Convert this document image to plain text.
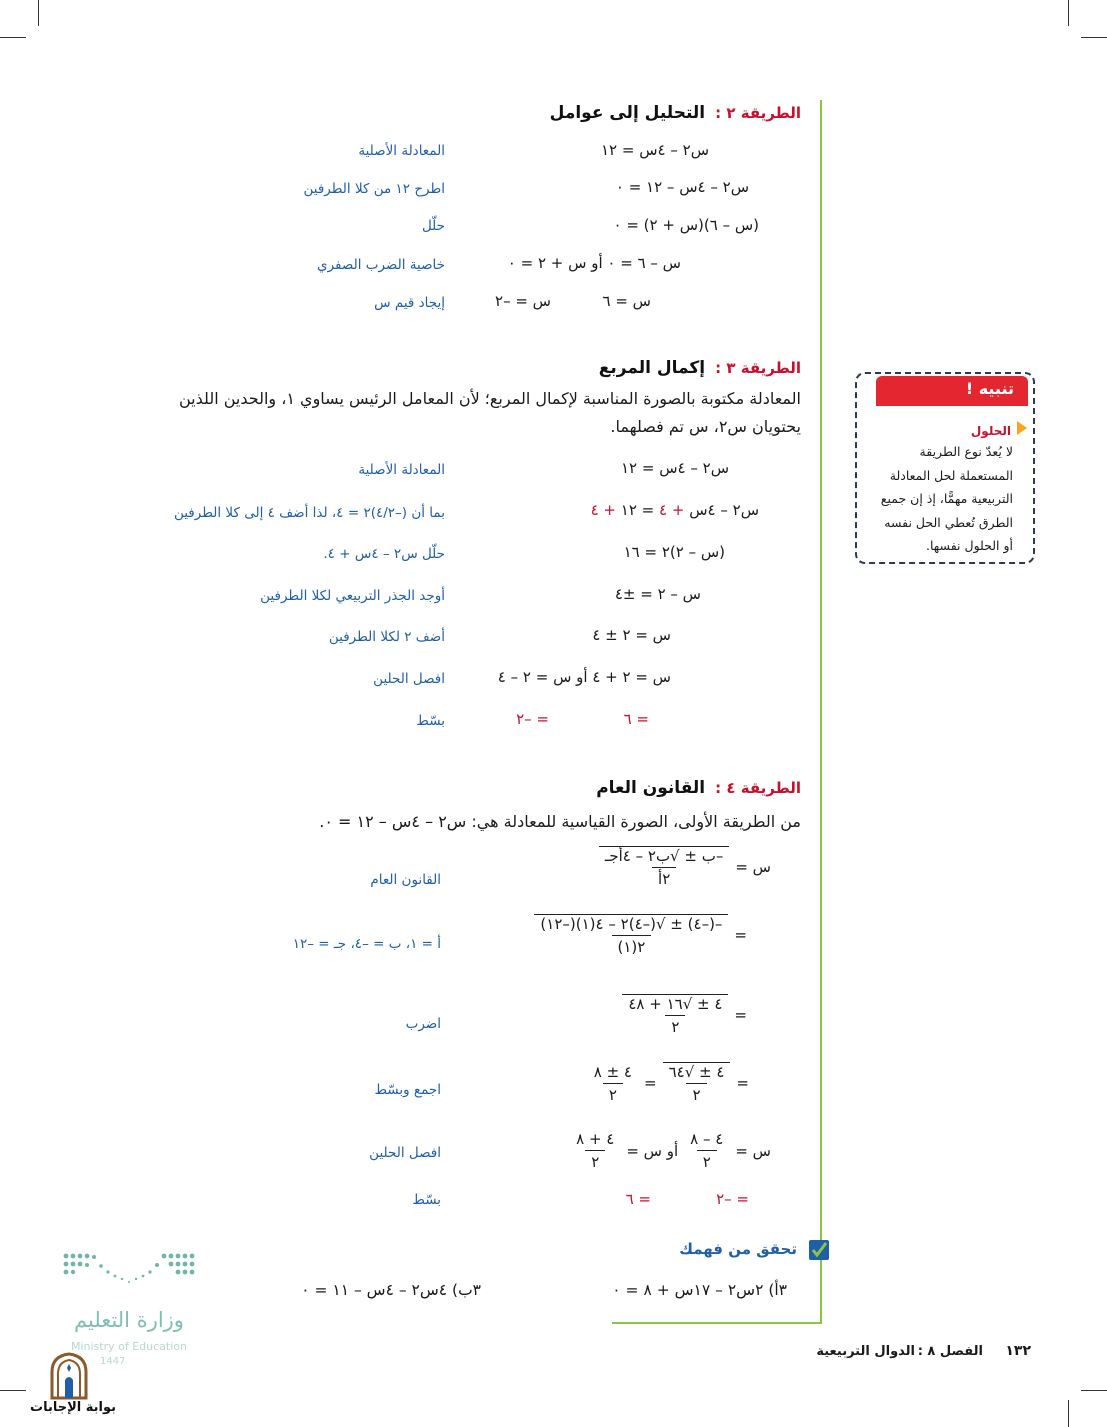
الطريقة ٢ :التحليل إلى عوامل
س٢ – ٤س = ١٢
المعادلة الأصلية
س٢ – ٤س – ١٢ = ٠
اطرح ١٢ من كلا الطرفين
(س – ٦)(س + ٢) = ٠
حلّل
س – ٦ = ٠ أو س + ٢ = ٠
خاصية الضرب الصفري
س = ٦
س = –٢
إيجاد قيم س
الطريقة ٣ :إكمال المربع
المعادلة مكتوبة بالصورة المناسبة لإكمال المربع؛ لأن المعامل الرئيس يساوي ١، والحدين اللذين يحتويان س٢، س تم فصلهما.
س٢ – ٤س = ١٢
المعادلة الأصلية
س٢ – ٤س + ٤ = ١٢ + ٤
بما أن (–٤/٢)٢ = ٤، لذا أضف ٤ إلى كلا الطرفين
(س – ٢)٢ = ١٦
حلّل س٢ – ٤س + ٤.
س – ٢ = ±٤
أوجد الجذر التربيعي لكلا الطرفين
س = ٢ ± ٤
أضف ٢ لكلا الطرفين
س = ٢ + ٤ أو س = ٢ – ٤
افصل الحلين
= ٦
= –٢
بسّط
الطريقة ٤ :القانون العام
من الطريقة الأولى، الصورة القياسية للمعادلة هي: س٢ – ٤س – ١٢ = ٠.
س =
$\frac{\text{–ب ± √ب٢ – ٤أجـ}}{\text{٢أ}}$
القانون العام
=
$\frac{-(-٤) \pm √(-٤)٢ - ٤(١)(-١٢)}{٢(١)}$
أ = ١، ب = –٤، جـ = –١٢
=
$\frac{٤ \pm √١٦ + ٤٨}{٢}$
اضرب
=
$\frac{٤ \pm √٦٤}{٢}$
=
$\frac{٤ \pm ٨}{٢}$
اجمع وبسّط
س =
$\frac{٤ - ٨}{٢}$
أو س =
$\frac{٤ + ٨}{٢}$
افصل الحلين
= –٢
= ٦
بسّط
تحقق من فهمك
٣أ) ٢س٢ – ١٧س + ٨ = ٠
٣ب) ٤س٢ – ٤س – ١١ = ٠
الحلول
لا يُعدّ نوع الطريقة المستعملة لحل المعادلة التربيعية مهمًّا، إذ إن جميع الطرق تُعطي الحل نفسه أو الحلول نفسها.
تنبيه !
١٣٢
الفصل ٨ :
الدوال التربيعية
وزارة التعليم
Ministry of Education
1447
بوابة الإجابات
